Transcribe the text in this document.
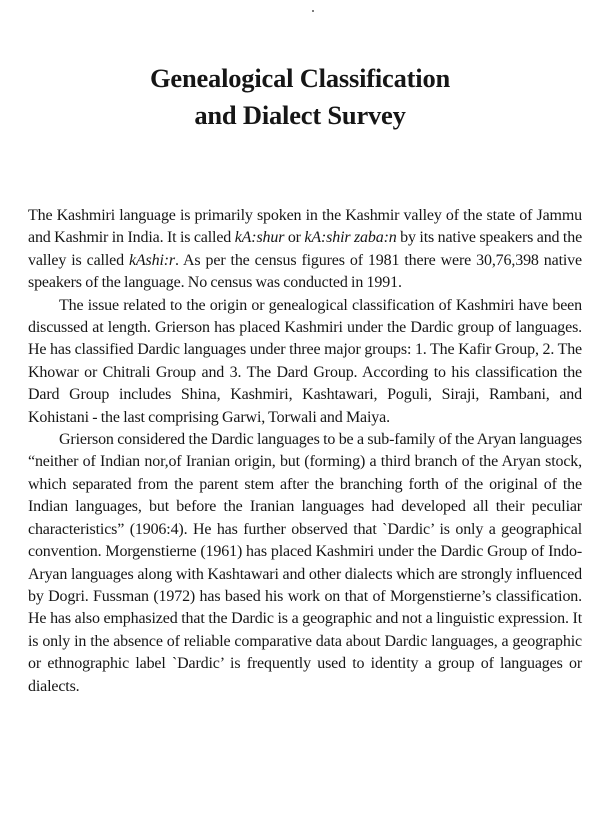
Genealogical Classification
and Dialect Survey

The Kashmiri language is primarily spoken in the Kashmir valley of the state of Jammu and Kashmir in India. It is called kA:shur or kA:shir zaba:n by its native speakers and the valley is called kAshi:r. As per the census figures of 1981 there were 30,76,398 native speakers of the language. No census was conducted in 1991.

The issue related to the origin or genealogical classification of Kashmiri have been discussed at length. Grierson has placed Kashmiri under the Dardic group of languages. He has classified Dardic languages under three major groups: 1. The Kafir Group, 2. The Khowar or Chitrali Group and 3. The Dard Group. According to his classification the Dard Group includes Shina, Kashmiri, Kashtawari, Poguli, Siraji, Rambani, and Kohistani - the last comprising Garwi, Torwali and Maiya.

Grierson considered the Dardic languages to be a sub-family of the Aryan languages “neither of Indian nor,of Iranian origin, but (forming) a third branch of the Aryan stock, which separated from the parent stem after the branching forth of the original of the Indian languages, but before the Iranian languages had developed all their peculiar characteristics” (1906:4). He has further observed that `Dardic’ is only a geographical convention. Morgenstierne (1961) has placed Kashmiri under the Dardic Group of Indo-Aryan languages along with Kashtawari and other dialects which are strongly influenced by Dogri. Fussman (1972) has based his work on that of Morgenstierne’s classification. He has also emphasized that the Dardic is a geographic and not a linguistic expression. It is only in the absence of reliable comparative data about Dardic languages, a geographic or ethnographic label `Dardic’ is frequently used to identity a group of languages or dialects.
